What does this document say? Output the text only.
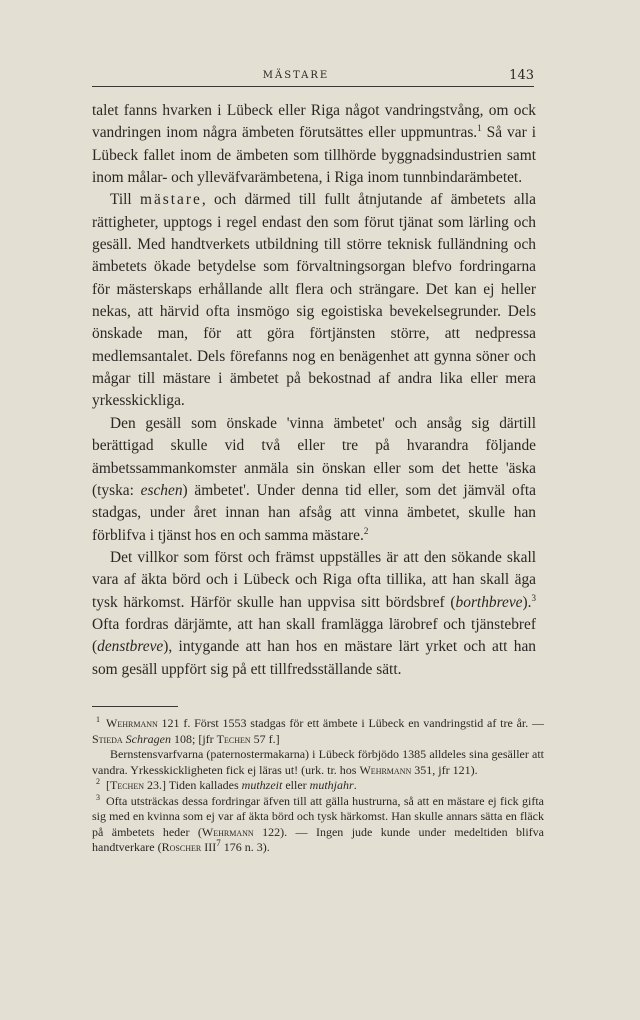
MÄSTARE	143

talet fanns hvarken i Lübeck eller Riga något vandringstvång, om ock vandringen inom några ämbeten förutsättes eller uppmuntras.$^1$ Så var i Lübeck fallet inom de ämbeten som tillhörde byggnadsindustrien samt inom målar- och ylleväfvarämbetena, i Riga inom tunnbindarämbetet.

Till mästare, och därmed till fullt åtnjutande af ämbetets alla rättigheter, upptogs i regel endast den som förut tjänat som lärling och gesäll. Med handtverkets utbildning till större teknisk fulländning och ämbetets ökade betydelse som förvaltningsorgan blefvo fordringarna för mästerskaps erhållande allt flera och strängare. Det kan ej heller nekas, att härvid ofta insmögo sig egoistiska bevekelsegrunder. Dels önskade man, för att göra förtjänsten större, att nedpressa medlemsantalet. Dels förefanns nog en benägenhet att gynna söner och mågar till mästare i ämbetet på bekostnad af andra lika eller mera yrkesskickliga.

Den gesäll som önskade 'vinna ämbetet' och ansåg sig därtill berättigad skulle vid två eller tre på hvarandra följande ämbetssammankomster anmäla sin önskan eller som det hette 'äska (tyska: eschen) ämbetet'. Under denna tid eller, som det jämväl ofta stadgas, under året innan han afsåg att vinna ämbetet, skulle han förblifva i tjänst hos en och samma mästare.$^2$

Det villkor som först och främst uppställes är att den sökande skall vara af äkta börd och i Lübeck och Riga ofta tillika, att han skall äga tysk härkomst. Härför skulle han uppvisa sitt bördsbref (borthbreve).$^3$ Ofta fordras därjämte, att han skall framlägga lärobref och tjänstebref (denstbreve), intygande att han hos en mästare lärt yrket och att han som gesäll uppfört sig på ett tillfredsställande sätt.

$^1$ Wehrmann 121 f. Först 1553 stadgas för ett ämbete i Lübeck en vandringstid af tre år. — Stieda Schragen 108; [jfr Techen 57 f.]

Bernstensvarfvarna (paternostermakarna) i Lübeck förbjödo 1385 alldeles sina gesäller att vandra. Yrkesskickligheten fick ej läras ut! (urk. tr. hos Wehrmann 351, jfr 121).

$^2$ [Techen 23.] Tiden kallades muthzeit eller muthjahr.

$^3$ Ofta utsträckas dessa fordringar äfven till att gälla hustrurna, så att en mästare ej fick gifta sig med en kvinna som ej var af äkta börd och tysk härkomst. Han skulle annars sätta en fläck på ämbetets heder (Wehrmann 122). — Ingen jude kunde under medeltiden blifva handtverkare (Roscher III$^7$ 176 n. 3).
